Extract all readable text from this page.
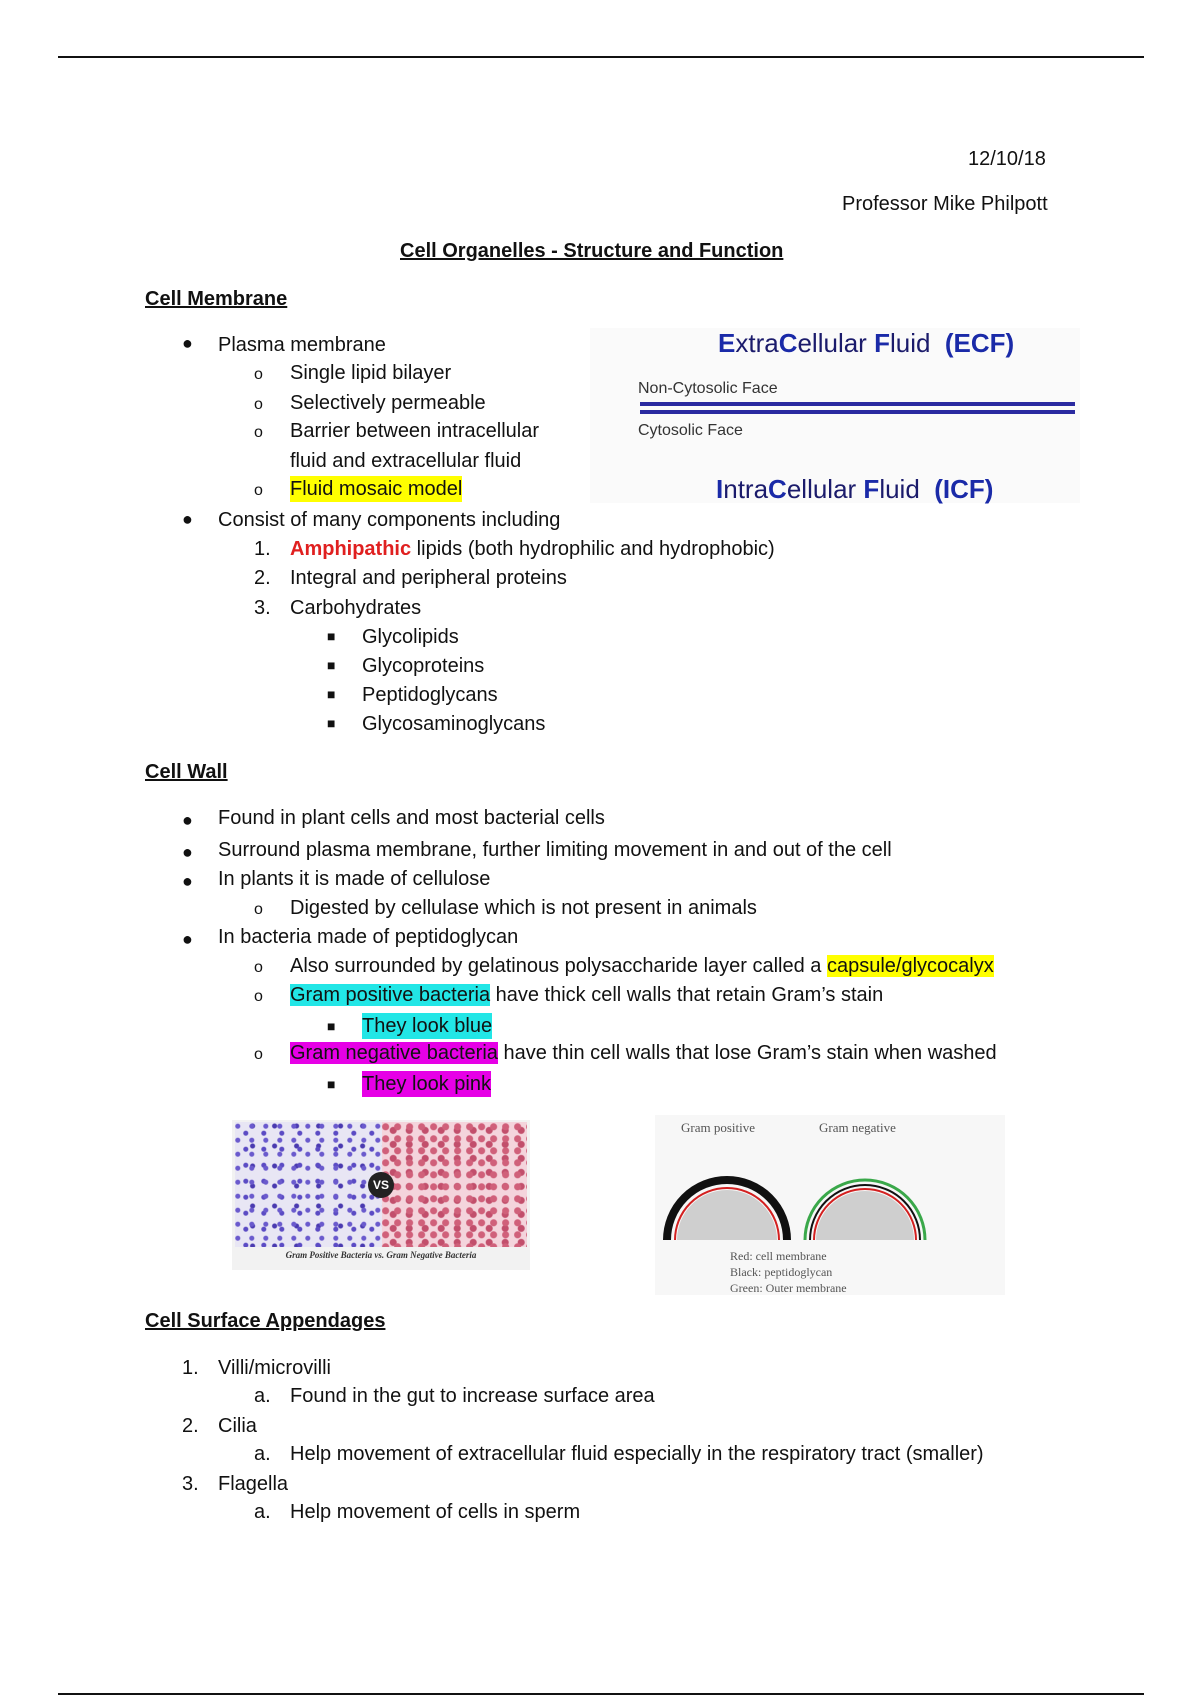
12/10/18
Professor Mike Philpott
Cell Organelles - Structure and Function
Cell Membrane
● Plasma membrane
o Single lipid bilayer
o Selectively permeable
o Barrier between intracellular
fluid and extracellular fluid
o Fluid mosaic model
● Consist of many components including
1. Amphipathic lipids (both hydrophilic and hydrophobic)
2. Integral and peripheral proteins
3. Carbohydrates
■ Glycolipids
■ Glycoproteins
■ Peptidoglycans
■ Glycosaminoglycans
ExtraCellular Fluid (ECF)
Non-Cytosolic Face
Cytosolic Face
IntraCellular Fluid (ICF)
Cell Wall
● Found in plant cells and most bacterial cells
● Surround plasma membrane, further limiting movement in and out of the cell
● In plants it is made of cellulose
o Digested by cellulase which is not present in animals
● In bacteria made of peptidoglycan
o Also surrounded by gelatinous polysaccharide layer called a capsule/glycocalyx
o Gram positive bacteria have thick cell walls that retain Gram’s stain
■ They look blue
o Gram negative bacteria have thin cell walls that lose Gram’s stain when washed
■ They look pink
VS
Gram Positive Bacteria vs. Gram Negative Bacteria
Gram positive	Gram negative
Red: cell membrane
Black: peptidoglycan
Green: Outer membrane
Cell Surface Appendages
1. Villi/microvilli
a. Found in the gut to increase surface area
2. Cilia
a. Help movement of extracellular fluid especially in the respiratory tract (smaller)
3. Flagella
a. Help movement of cells in sperm
